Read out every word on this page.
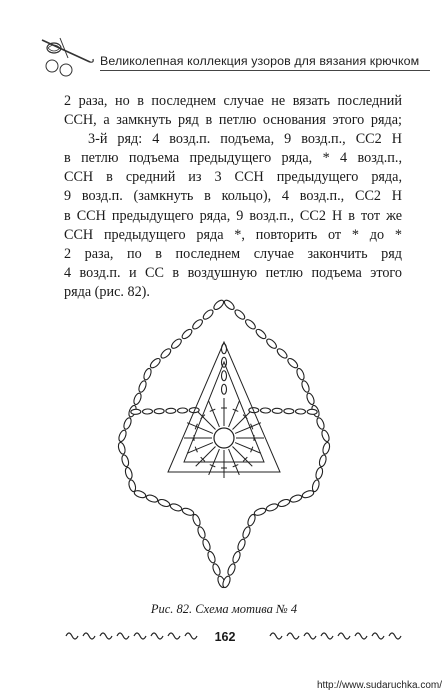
Великолепная коллекция узоров для вязания крючком
2 раза, но в последнем случае не вязать последний
ССН, а замкнуть ряд в петлю основания этого ряда;
3-й ряд: 4 возд.п. подъема, 9 возд.п., СС2 Н
в петлю подъема предыдущего ряда, * 4 возд.п.,
ССН в средний из 3 ССН предыдущего ряда,
9 возд.п. (замкнуть в кольцо), 4 возд.п., СС2 Н
в ССН предыдущего ряда, 9 возд.п., СС2 Н в тот же
ССН предыдущего ряда *, повторить от * до *
2 раза, по в последнем случае закончить ряд
4 возд.п. и СС в воздушную петлю подъема этого
ряда (рис. 82).
Рис. 82. Схема мотива № 4
162
http://www.sudaruchka.com/
